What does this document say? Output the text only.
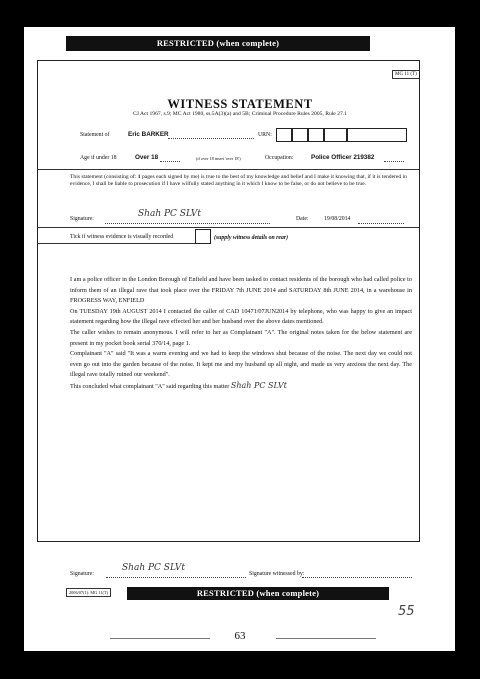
RESTRICTED (when complete)
MG 11 (T)
WITNESS STATEMENT
CJ Act 1967, s.9; MC Act 1980, ss.5A(3)(a) and 5B; Criminal Procedure Rules 2005, Rule 27.1
Statement of	Eric BARKER	URN:
Age if under 18	Over 18	(if over 18 insert 'over 18')	Occupation:	Police Officer 219382
This statement (consisting of: 1 pages each signed by me) is true to the best of my knowledge and belief and I make it knowing that, if it is tendered in evidence, I shall be liable to prosecution if I have wilfully stated anything in it which I know to be false, or do not believe to be true.
Signature:	Shah PC SLVt	Date:	19/08/2014
Tick if witness evidence is visually recorded	(supply witness details on rear)

I am a police officer in the London Borough of Enfield and have been tasked to contact residents of the borough who had called police to inform them of an illegal rave that took place over the FRIDAY 7th JUNE 2014 and SATURDAY 8th JUNE 2014, in a warehouse in FROGRESS WAY, ENFIELD

On TUESDAY 19th AUGUST 2014 I contacted the caller of CAD 10471/07JUN2014 by telephone, who was happy to give an impact statement regarding how the illegal rave effected her and her husband over the above dates mentioned.

The caller wishes to remain anonymous. I will refer to her as Complainant "A". The original notes taken for the below statement are present in my pocket book serial 370/14, page 1.

Complainant "A" said "It was a warm evening and we had to keep the windows shut because of the noise. The next day we could not even go out into the garden because of the noise. It kept me and my husband up all night, and made us very anxious the next day. The illegal rave totally ruined our weekend".

This concluded what complainant "A" said regarding this matter Shah PC SLVt

Signature:
Shah PC SLVt
Signature witnessed by:
2006/07(1): MG 11(T)	RESTRICTED (when complete)
63
55
